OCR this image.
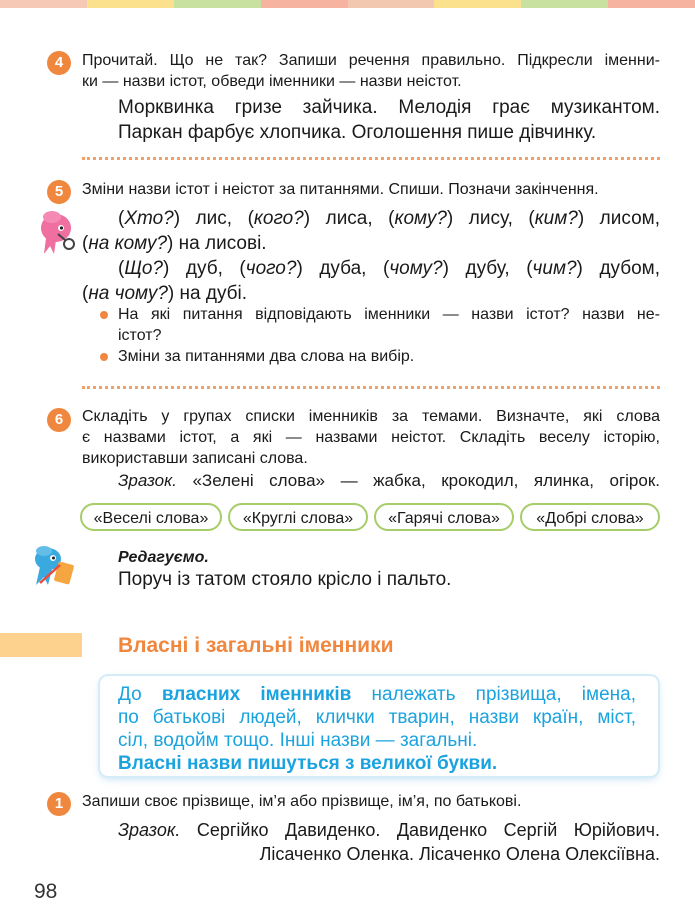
4	Прочитай. Що не так? Запиши речення правильно. Підкресли іменни-
ки — назви істот, обведи іменники — назви неістот.
Морквинка гризе зайчика. Мелодія грає музикантом.
Паркан фарбує хлопчика. Оголошення пише дівчинку.
5	Зміни назви істот і неістот за питаннями. Спиши. Позначи закінчення.
(Хто?) лис, (кого?) лиса, (кому?) лису, (ким?) лисом,
(на кому?) на лисові.
(Що?) дуб, (чого?) дуба, (чому?) дубу, (чим?) дубом,
(на чому?) на дубі.
На які питання відповідають іменники — назви істот? назви не-
істот?
Зміни за питаннями два слова на вибір.
6	Складіть у групах списки іменників за темами. Визначте, які слова
є назвами істот, а які — назвами неістот. Складіть веселу історію,
використавши записані слова.
Зразок. «Зелені слова» — жабка, крокодил, ялинка, огірок.
«Веселі слова»	«Круглі слова»	«Гарячі слова»	«Добрі слова»
Редагуємо.
Поруч із татом стояло крісло і пальто.
Власні і загальні іменники
До власних іменників належать прізвища, імена,
по батькові людей, клички тварин, назви країн, міст,
сіл, водойм тощо. Інші назви — загальні.
Власні назви пишуться з великої букви.
1	Запиши своє прізвище, ім’я або прізвище, ім’я, по батькові.
Зразок. Сергійко Давиденко. Давиденко Сергій Юрійович.
Лісаченко Оленка. Лісаченко Олена Олексіївна.
98
